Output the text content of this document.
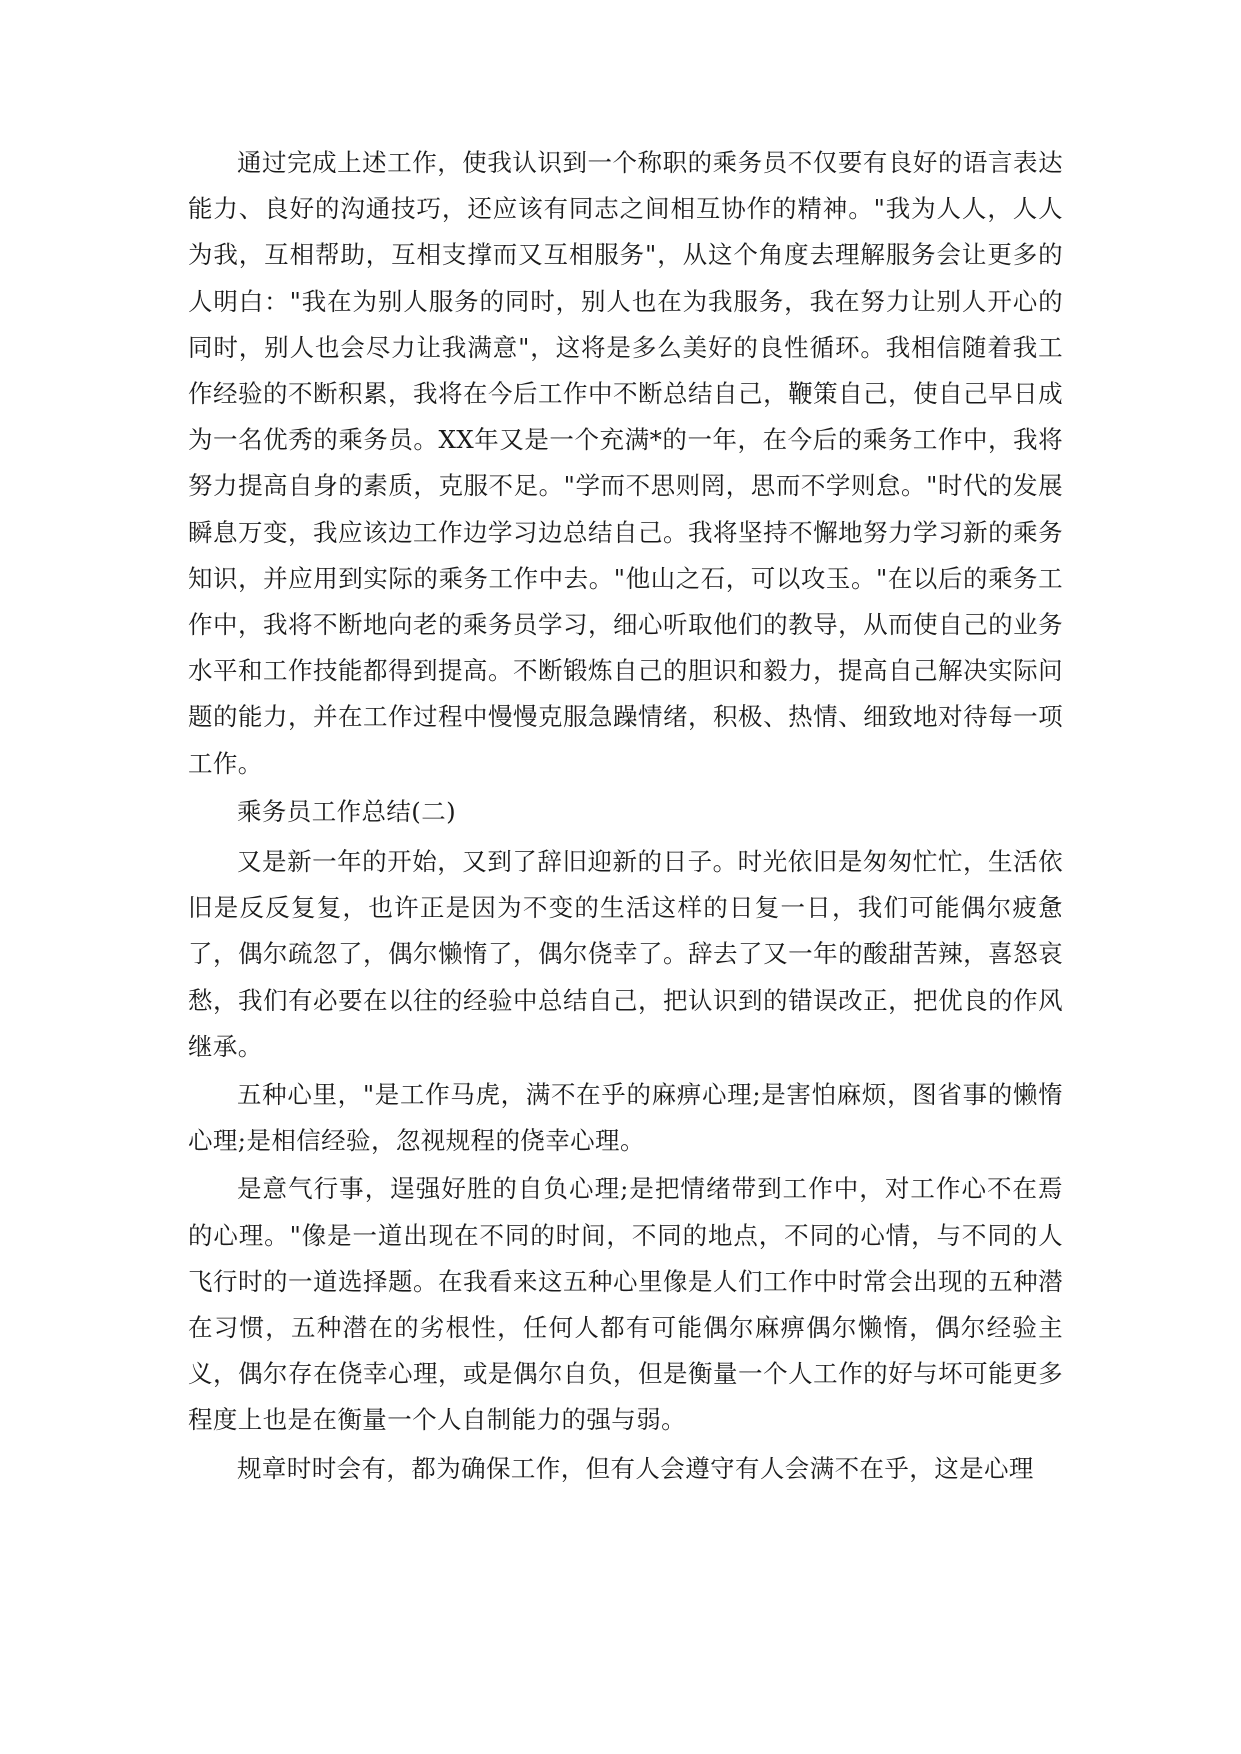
通过完成上述工作，使我认识到一个称职的乘务员不仅要有良好的语言表达能力、良好的沟通技巧，还应该有同志之间相互协作的精神。"我为人人，人人为我，互相帮助，互相支撑而又互相服务"，从这个角度去理解服务会让更多的人明白："我在为别人服务的同时，别人也在为我服务，我在努力让别人开心的同时，别人也会尽力让我满意"，这将是多么美好的良性循环。我相信随着我工作经验的不断积累，我将在今后工作中不断总结自己，鞭策自己，使自己早日成为一名优秀的乘务员。XX年又是一个充满*的一年，在今后的乘务工作中，我将努力提高自身的素质，克服不足。"学而不思则罔，思而不学则怠。"时代的发展瞬息万变，我应该边工作边学习边总结自己。我将坚持不懈地努力学习新的乘务知识，并应用到实际的乘务工作中去。"他山之石，可以攻玉。"在以后的乘务工作中，我将不断地向老的乘务员学习，细心听取他们的教导，从而使自己的业务水平和工作技能都得到提高。不断锻炼自己的胆识和毅力，提高自己解决实际问题的能力，并在工作过程中慢慢克服急躁情绪，积极、热情、细致地对待每一项工作。

乘务员工作总结(二)

又是新一年的开始，又到了辞旧迎新的日子。时光依旧是匆匆忙忙，生活依旧是反反复复，也许正是因为不变的生活这样的日复一日，我们可能偶尔疲惫了，偶尔疏忽了，偶尔懒惰了，偶尔侥幸了。辞去了又一年的酸甜苦辣，喜怒哀愁，我们有必要在以往的经验中总结自己，把认识到的错误改正，把优良的作风继承。

五种心里，"是工作马虎，满不在乎的麻痹心理;是害怕麻烦，图省事的懒惰心理;是相信经验，忽视规程的侥幸心理。

是意气行事，逞强好胜的自负心理;是把情绪带到工作中，对工作心不在焉的心理。"像是一道出现在不同的时间，不同的地点，不同的心情，与不同的人飞行时的一道选择题。在我看来这五种心里像是人们工作中时常会出现的五种潜在习惯，五种潜在的劣根性，任何人都有可能偶尔麻痹偶尔懒惰，偶尔经验主义，偶尔存在侥幸心理，或是偶尔自负，但是衡量一个人工作的好与坏可能更多程度上也是在衡量一个人自制能力的强与弱。

规章时时会有，都为确保工作，但有人会遵守有人会满不在乎，这是心理
